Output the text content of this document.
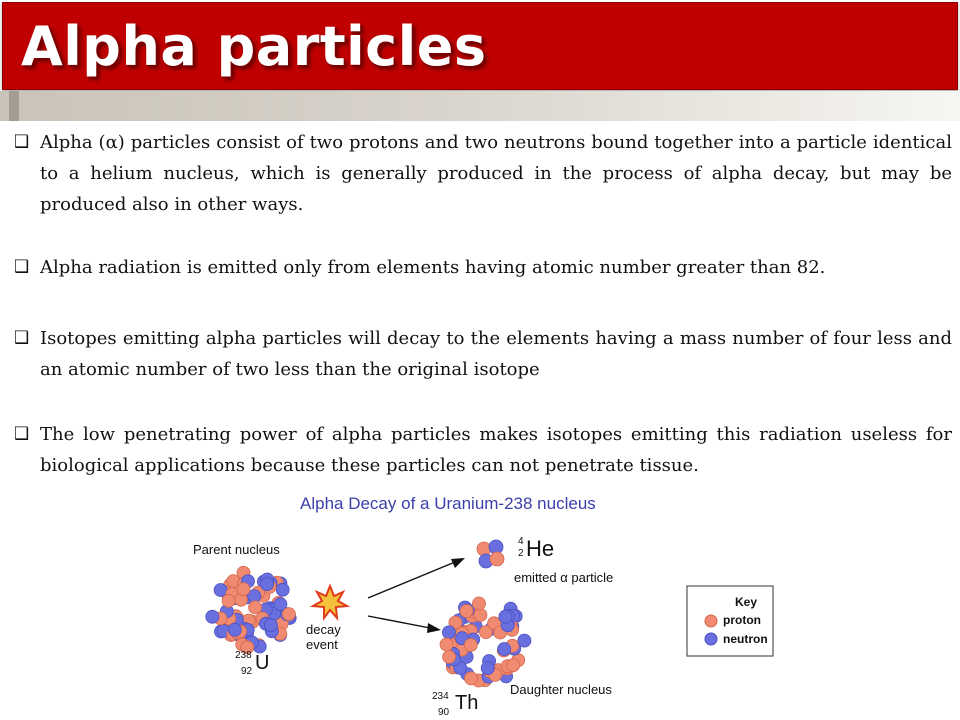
Alpha particles
❑ Alpha (α) particles consist of two protons and two neutrons bound together into a particle identical to a helium nucleus, which is generally produced in the process of alpha decay, but may be produced also in other ways.
❑ Alpha radiation is emitted only from elements having atomic number greater than 82.
❑ Isotopes emitting alpha particles will decay to the elements having a mass number of four less and an atomic number of two less than the original isotope
❑ The low penetrating power of alpha particles makes isotopes emitting this radiation useless for biological applications because these particles can not penetrate tissue.
Alpha Decay of a Uranium-238 nucleus
Parent nucleus
decay
event
238
92 U
4
2 He
emitted α particle
Daughter nucleus
234
90 Th
Key
proton
neutron
